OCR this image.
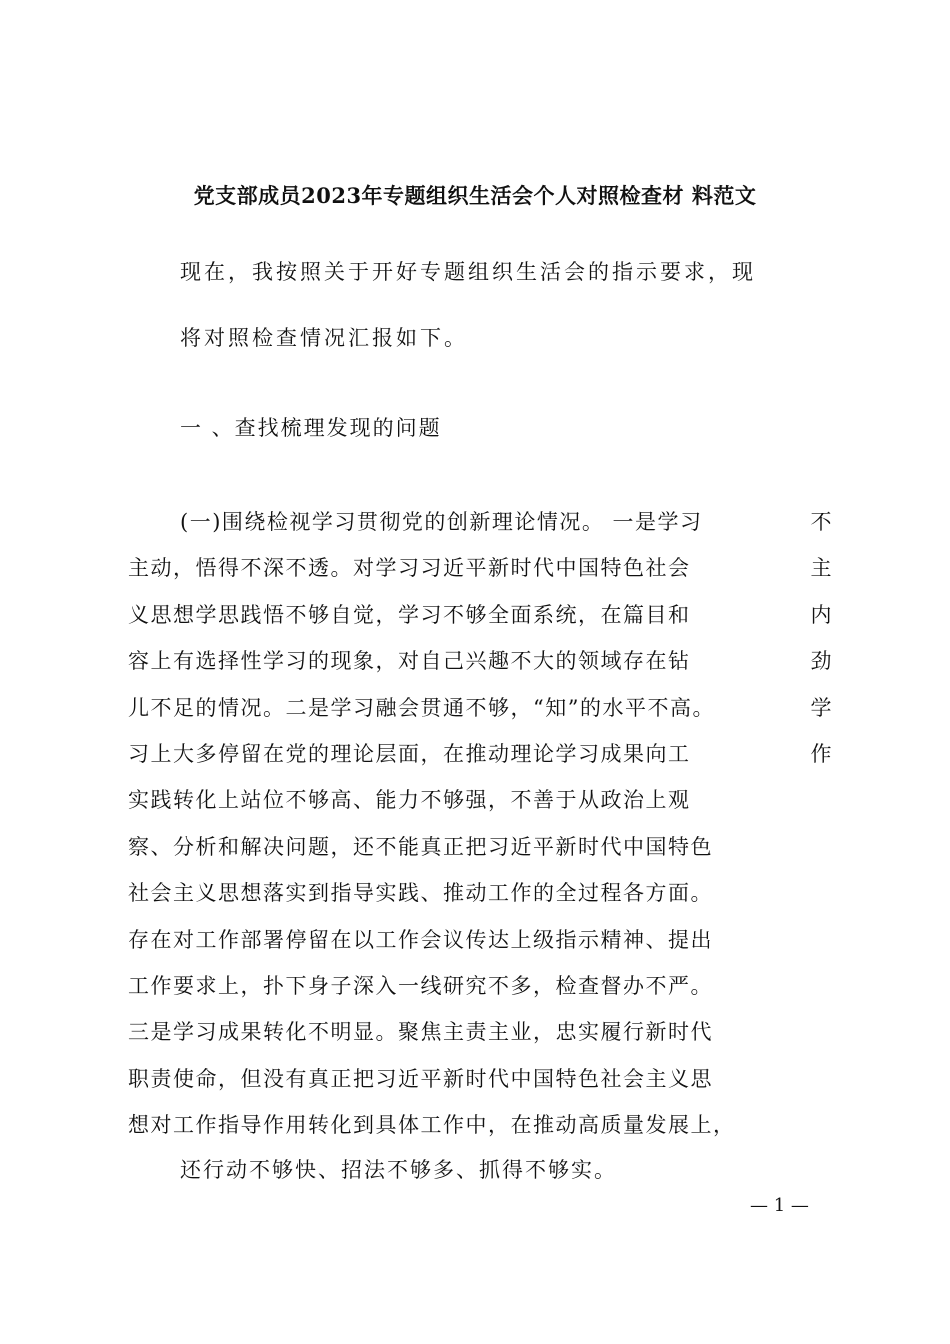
党支部成员2023年专题组织生活会个人对照检查材 料范文
现在，我按照关于开好专题组织生活会的指示要求，现
将对照检查情况汇报如下。
一 、查找梳理发现的问题
(一)围绕检视学习贯彻党的创新理论情况。 一是学习	不
主动，悟得不深不透。对学习习近平新时代中国特色社会	主
义思想学思践悟不够自觉，学习不够全面系统，在篇目和	内
容上有选择性学习的现象，对自己兴趣不大的领域存在钻	劲
儿不足的情况。二是学习融会贯通不够，“知”的水平不高。	学
习上大多停留在党的理论层面，在推动理论学习成果向工	作
实践转化上站位不够高、能力不够强，不善于从政治上观
察、分析和解决问题，还不能真正把习近平新时代中国特色
社会主义思想落实到指导实践、推动工作的全过程各方面。
存在对工作部署停留在以工作会议传达上级指示精神、提出
工作要求上，扑下身子深入一线研究不多，检查督办不严。
三是学习成果转化不明显。聚焦主责主业，忠实履行新时代
职责使命，但没有真正把习近平新时代中国特色社会主义思
想对工作指导作用转化到具体工作中，在推动高质量发展上，
还行动不够快、招法不够多、抓得不够实。
— 1 —
